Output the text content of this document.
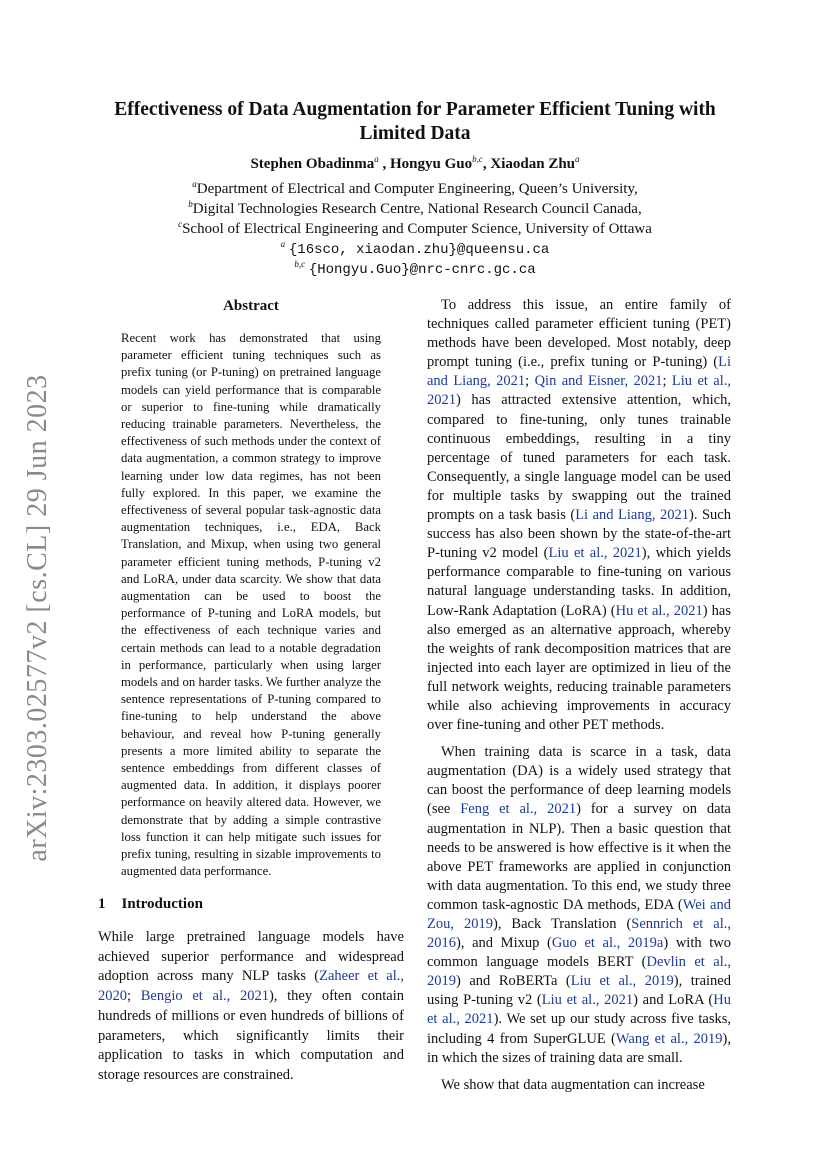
arXiv:2303.02577v2 [cs.CL] 29 Jun 2023
Effectiveness of Data Augmentation for Parameter Efficient Tuning with
Limited Data
Stephen Obadinma$^a$ , Hongyu Guo$^{b,c}$, Xiaodan Zhu$^a$
$^a$Department of Electrical and Computer Engineering, Queen’s University,
$^b$Digital Technologies Research Centre, National Research Council Canada,
$^c$School of Electrical Engineering and Computer Science, University of Ottawa
$^a$ {16sco, xiaodan.zhu}@queensu.ca
$^{b,c}$ {Hongyu.Guo}@nrc-cnrc.gc.ca
Abstract

Recent work has demonstrated that using parameter efficient tuning techniques such as prefix tuning (or P-tuning) on pretrained language models can yield performance that is comparable or superior to fine-tuning while dramatically reducing trainable parameters. Nevertheless, the effectiveness of such methods under the context of data augmentation, a common strategy to improve learning under low data regimes, has not been fully explored. In this paper, we examine the effectiveness of several popular task-agnostic data augmentation techniques, i.e., EDA, Back Translation, and Mixup, when using two general parameter efficient tuning methods, P-tuning v2 and LoRA, under data scarcity. We show that data augmentation can be used to boost the performance of P-tuning and LoRA models, but the effectiveness of each technique varies and certain methods can lead to a notable degradation in performance, particularly when using larger models and on harder tasks. We further analyze the sentence representations of P-tuning compared to fine-tuning to help understand the above behaviour, and reveal how P-tuning generally presents a more limited ability to separate the sentence embeddings from different classes of augmented data. In addition, it displays poorer performance on heavily altered data. However, we demonstrate that by adding a simple contrastive loss function it can help mitigate such issues for prefix tuning, resulting in sizable improvements to augmented data performance.

1 Introduction

While large pretrained language models have achieved superior performance and widespread adoption across many NLP tasks (Zaheer et al., 2020; Bengio et al., 2021), they often contain hundreds of millions or even hundreds of billions of parameters, which significantly limits their application to tasks in which computation and storage resources are constrained.

To address this issue, an entire family of techniques called parameter efficient tuning (PET) methods have been developed. Most notably, deep prompt tuning (i.e., prefix tuning or P-tuning) (Li and Liang, 2021; Qin and Eisner, 2021; Liu et al., 2021) has attracted extensive attention, which, compared to fine-tuning, only tunes trainable continuous embeddings, resulting in a tiny percentage of tuned parameters for each task. Consequently, a single language model can be used for multiple tasks by swapping out the trained prompts on a task basis (Li and Liang, 2021). Such success has also been shown by the state-of-the-art P-tuning v2 model (Liu et al., 2021), which yields performance comparable to fine-tuning on various natural language understanding tasks. In addition, Low-Rank Adaptation (LoRA) (Hu et al., 2021) has also emerged as an alternative approach, whereby the weights of rank decomposition matrices that are injected into each layer are optimized in lieu of the full network weights, reducing trainable parameters while also achieving improvements in accuracy over fine-tuning and other PET methods.

When training data is scarce in a task, data augmentation (DA) is a widely used strategy that can boost the performance of deep learning models (see Feng et al., 2021) for a survey on data augmentation in NLP). Then a basic question that needs to be answered is how effective is it when the above PET frameworks are applied in conjunction with data augmentation. To this end, we study three common task-agnostic DA methods, EDA (Wei and Zou, 2019), Back Translation (Sennrich et al., 2016), and Mixup (Guo et al., 2019a) with two common language models BERT (Devlin et al., 2019) and RoBERTa (Liu et al., 2019), trained using P-tuning v2 (Liu et al., 2021) and LoRA (Hu et al., 2021). We set up our study across five tasks, including 4 from SuperGLUE (Wang et al., 2019), in which the sizes of training data are small.

We show that data augmentation can increase
